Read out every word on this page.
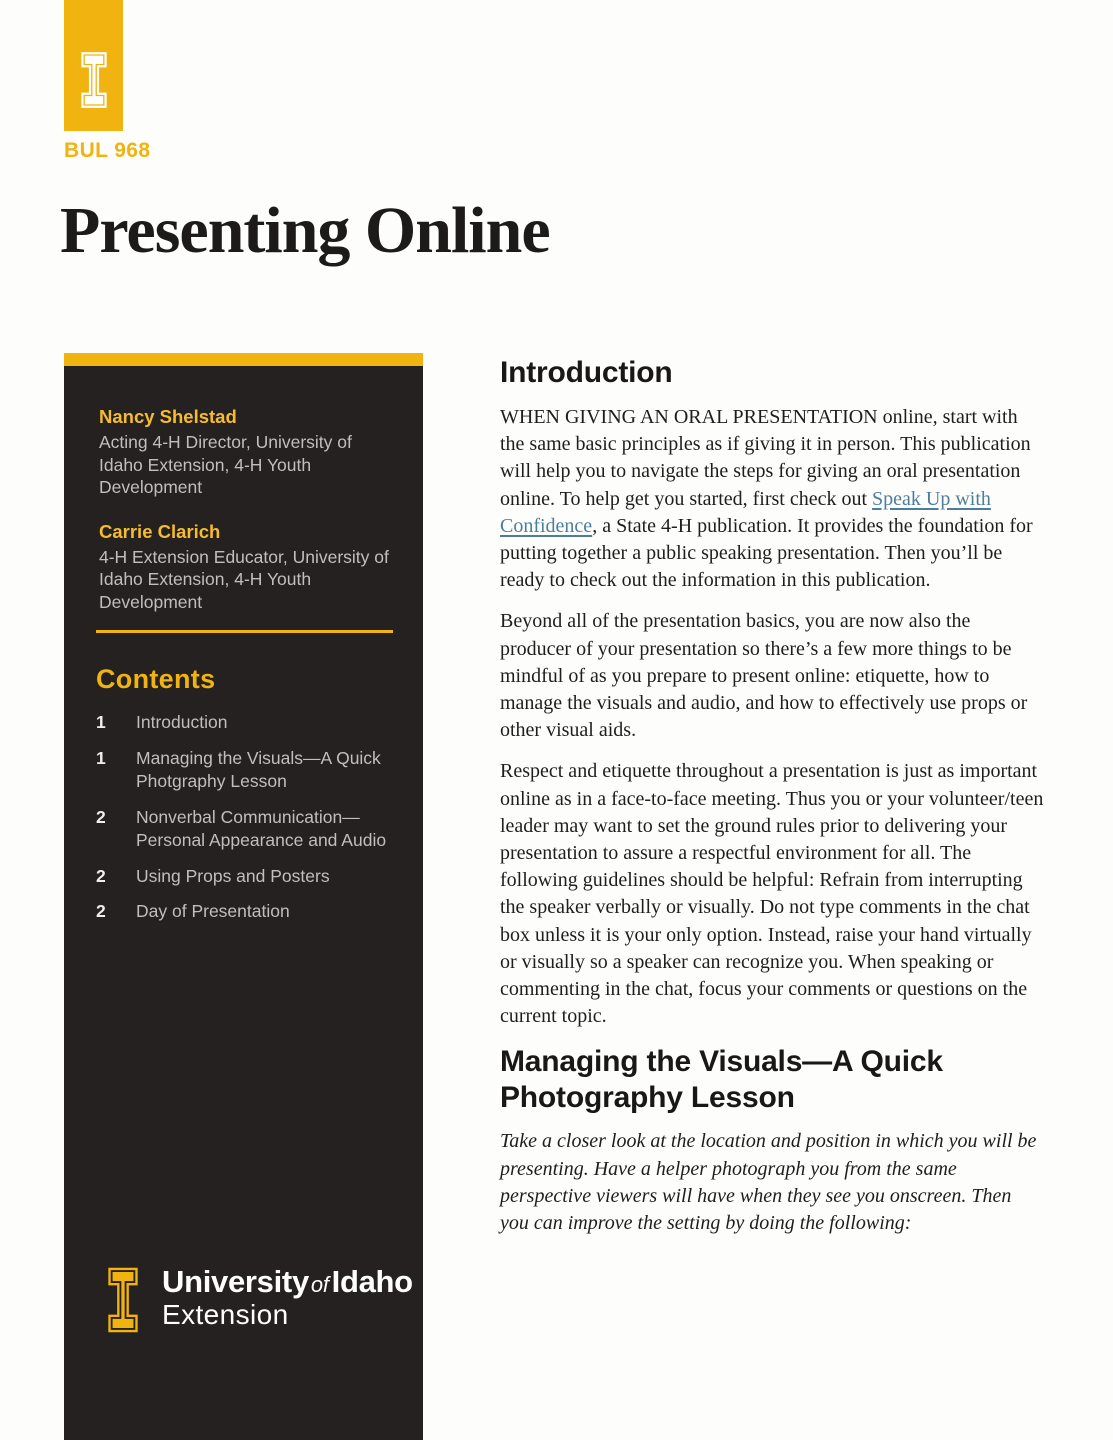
BUL 968
Presenting Online
Nancy Shelstad
Acting 4-H Director, University of Idaho Extension, 4-H Youth Development
Carrie Clarich
4-H Extension Educator, University of Idaho Extension, 4-H Youth Development
Contents
1	Introduction
1	Managing the Visuals—A Quick Photgraphy Lesson
2	Nonverbal Communication—Personal Appearance and Audio
2	Using Props and Posters
2	Day of Presentation
UniversityofIdaho
Extension
Introduction

WHEN GIVING AN ORAL PRESENTATION online, start with the same basic principles as if giving it in person. This publication will help you to navigate the steps for giving an oral presentation online. To help get you started, first check out Speak Up with Confidence, a State 4-H publication. It provides the foundation for putting together a public speaking presentation. Then you’ll be ready to check out the information in this publication.

Beyond all of the presentation basics, you are now also the producer of your presentation so there’s a few more things to be mindful of as you prepare to present online: etiquette, how to manage the visuals and audio, and how to effectively use props or other visual aids.

Respect and etiquette throughout a presentation is just as important online as in a face-to-face meeting. Thus you or your volunteer/teen leader may want to set the ground rules prior to delivering your presentation to assure a respectful environment for all. The following guidelines should be helpful: Refrain from interrupting the speaker verbally or visually. Do not type comments in the chat box unless it is your only option. Instead, raise your hand virtually or visually so a speaker can recognize you. When speaking or commenting in the chat, focus your comments or questions on the current topic.

Managing the Visuals—A Quick Photography Lesson

Take a closer look at the location and position in which you will be presenting. Have a helper photograph you from the same perspective viewers will have when they see you onscreen. Then you can improve the setting by doing the following:
